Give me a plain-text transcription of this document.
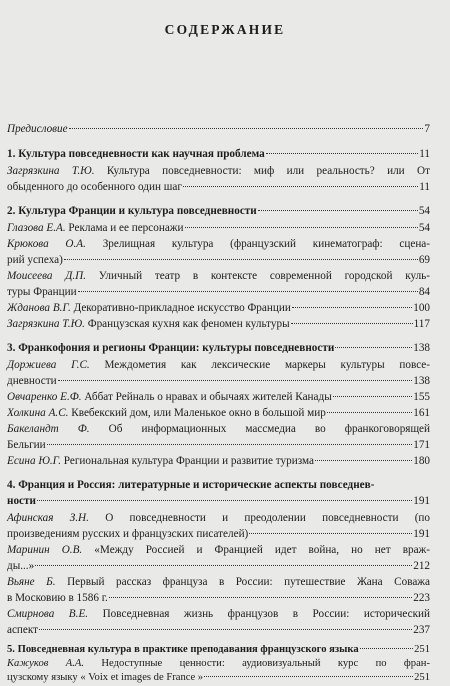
СОДЕРЖАНИЕ
Предисловие	7
1. Культура повседневности как научная проблема	11
Загрязкина Т.Ю. Культура повседневности: миф или реальность? или От
обыденного до особенного один шаг	11
2. Культура Франции и культура повседневности	54
Глазова Е.А. Реклама и ее персонажи	54
Крюкова О.А. Зрелищная культура (французский кинематограф: сцена-
рий успеха)	69
Моисеева Д.П. Уличный театр в контексте современной городской куль-
туры Франции	84
Жданова В.Г. Декоративно-прикладное искусство Франции	100
Загрязкина Т.Ю. Французская кухня как феномен культуры	117
3. Франкофония и регионы Франции: культуры повседневности	138
Доржиева Г.С. Междометия как лексические маркеры культуры повсе-
дневности	138
Овчаренко Е.Ф. Аббат Рейналь о нравах и обычаях жителей Канады	155
Холкина А.С. Квебекский дом, или Маленькое окно в большой мир	161
Бакеландт Ф. Об информационных массмедиа во франкоговорящей
Бельгии	171
Есина Ю.Г. Региональная культура Франции и развитие туризма	180
4. Франция и Россия: литературные и исторические аспекты повседнев-
ности	191
Афинская З.Н. О повседневности и преодолении повседневности (по
произведениям русских и французских писателей)	191
Маринин О.В. «Между Россией и Францией идет война, но нет враж-
ды...»	212
Вьяне Б. Первый рассказ француза в России: путешествие Жана Соважа
в Московию в 1586 г.	223
Смирнова В.Е. Повседневная жизнь французов в России: исторический
аспект	237
5. Повседневная культура в практике преподавания французского языка	251
Кажуков А.А. Недоступные ценности: аудиовизуальный курс по фран-
цузскому языку « Voix et images de France »	251
